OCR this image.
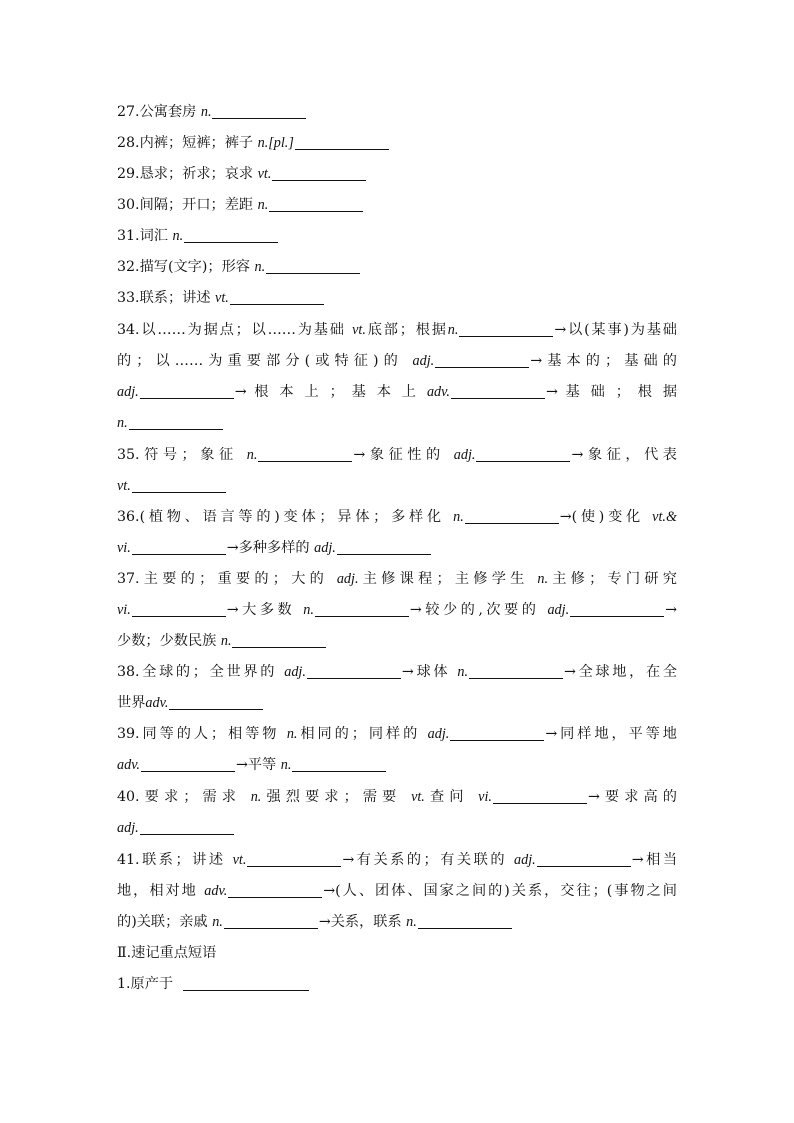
27.公寓套房 n.
28.内裤；短裤；裤子 n.[pl.]
29.恳求；祈求；哀求 vt.
30.间隔；开口；差距 n.
31.词汇 n.
32.描写(文字)；形容 n.
33.联系；讲述 vt.
34.以……为据点；以……为基础 vt.底部；根据n.	→以(某事)为基础
的；以……为重要部分(或特征)的 adj.	→基本的；基础的
adj.	→ 根 本 上 ； 基 本 上 adv.	→ 基 础 ； 根 据
n.
35.符号；象征 n.	→象征性的 adj.	→象征，代表
vt.
36.(植物、语言等的)变体；异体；多样化 n.	→(使)变化 vt.&
vi.	→多种多样的 adj.
37.主要的；重要的；大的 adj.主修课程；主修学生 n.主修；专门研究
vi.	→大多数 n.	→较少的,次要的 adj.	→
少数；少数民族 n.
38.全球的；全世界的 adj.	→球体 n.	→全球地，在全
世界adv.
39.同等的人；相等物 n.相同的；同样的 adj.	→同样地，平等地
adv.	→平等 n.
40.要求；需求 n.强烈要求；需要 vt.查问 vi.	→要求高的
adj.
41.联系；讲述 vt.	→有关系的；有关联的 adj.	→相当
地，相对地 adv.	→(人、团体、国家之间的)关系，交往；(事物之间
的)关联；亲戚 n.	→关系，联系 n.
Ⅱ.速记重点短语
1.原产于
